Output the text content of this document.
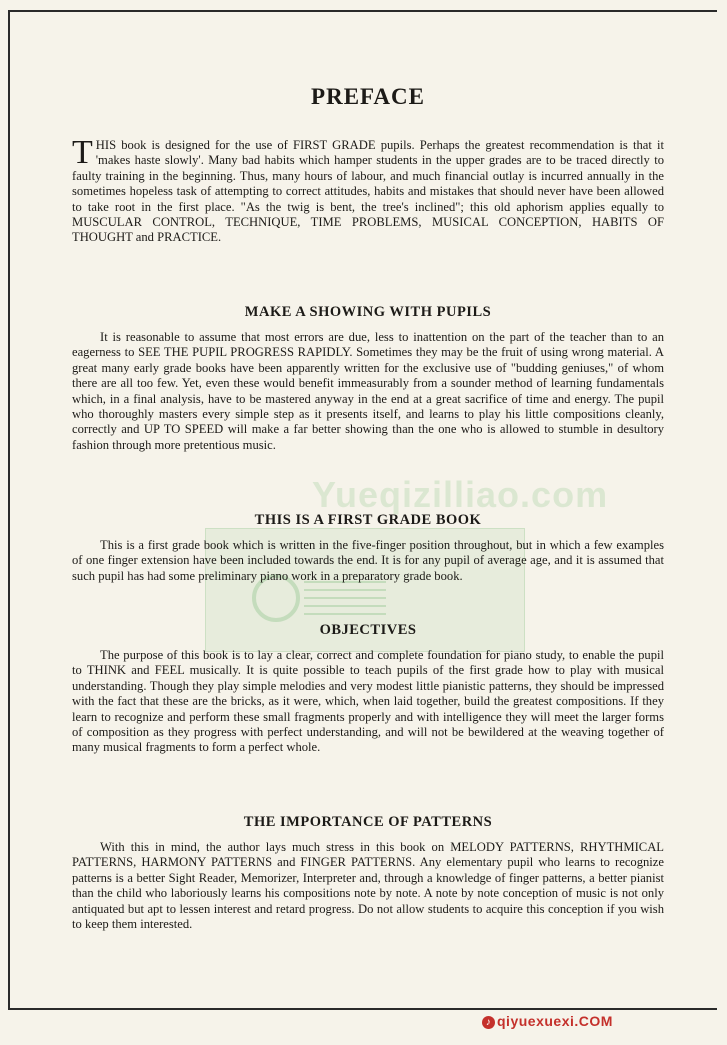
Yueqizilliao.com
PREFACE

THIS book is designed for the use of FIRST GRADE pupils. Perhaps the greatest recommendation is that it 'makes haste slowly'. Many bad habits which hamper students in the upper grades are to be traced directly to faulty training in the beginning. Thus, many hours of labour, and much financial outlay is incurred annually in the sometimes hopeless task of attempting to correct attitudes, habits and mistakes that should never have been allowed to take root in the first place. "As the twig is bent, the tree's inclined"; this old aphorism applies equally to MUSCULAR CONTROL, TECHNIQUE, TIME PROBLEMS, MUSICAL CONCEPTION, HABITS OF THOUGHT and PRACTICE.

MAKE A SHOWING WITH PUPILS

It is reasonable to assume that most errors are due, less to inattention on the part of the teacher than to an eagerness to SEE THE PUPIL PROGRESS RAPIDLY. Sometimes they may be the fruit of using wrong material. A great many early grade books have been apparently written for the exclusive use of "budding geniuses," of whom there are all too few. Yet, even these would benefit immeasurably from a sounder method of learning fundamentals which, in a final analysis, have to be mastered anyway in the end at a great sacrifice of time and energy. The pupil who thoroughly masters every simple step as it presents itself, and learns to play his little compositions cleanly, correctly and UP TO SPEED will make a far better showing than the one who is allowed to stumble in desultory fashion through more pretentious music.

THIS IS A FIRST GRADE BOOK

This is a first grade book which is written in the five-finger position throughout, but in which a few examples of one finger extension have been included towards the end. It is for any pupil of average age, and it is assumed that such pupil has had some preliminary piano work in a preparatory grade book.

OBJECTIVES

The purpose of this book is to lay a clear, correct and complete foundation for piano study, to enable the pupil to THINK and FEEL musically. It is quite possible to teach pupils of the first grade how to play with musical understanding. Though they play simple melodies and very modest little pianistic patterns, they should be impressed with the fact that these are the bricks, as it were, which, when laid together, build the greatest compositions. If they learn to recognize and perform these small fragments properly and with intelligence they will meet the larger forms of composition as they progress with perfect understanding, and will not be bewildered at the weaving together of many musical fragments to form a perfect whole.

THE IMPORTANCE OF PATTERNS

With this in mind, the author lays much stress in this book on MELODY PATTERNS, RHYTHMICAL PATTERNS, HARMONY PATTERNS and FINGER PATTERNS. Any elementary pupil who learns to recognize patterns is a better Sight Reader, Memorizer, Interpreter and, through a knowledge of finger patterns, a better pianist than the child who laboriously learns his compositions note by note. A note by note conception of music is not only antiquated but apt to lessen interest and retard progress. Do not allow students to acquire this conception if you wish to keep them interested.

♪ qiyuexuexi.COM
